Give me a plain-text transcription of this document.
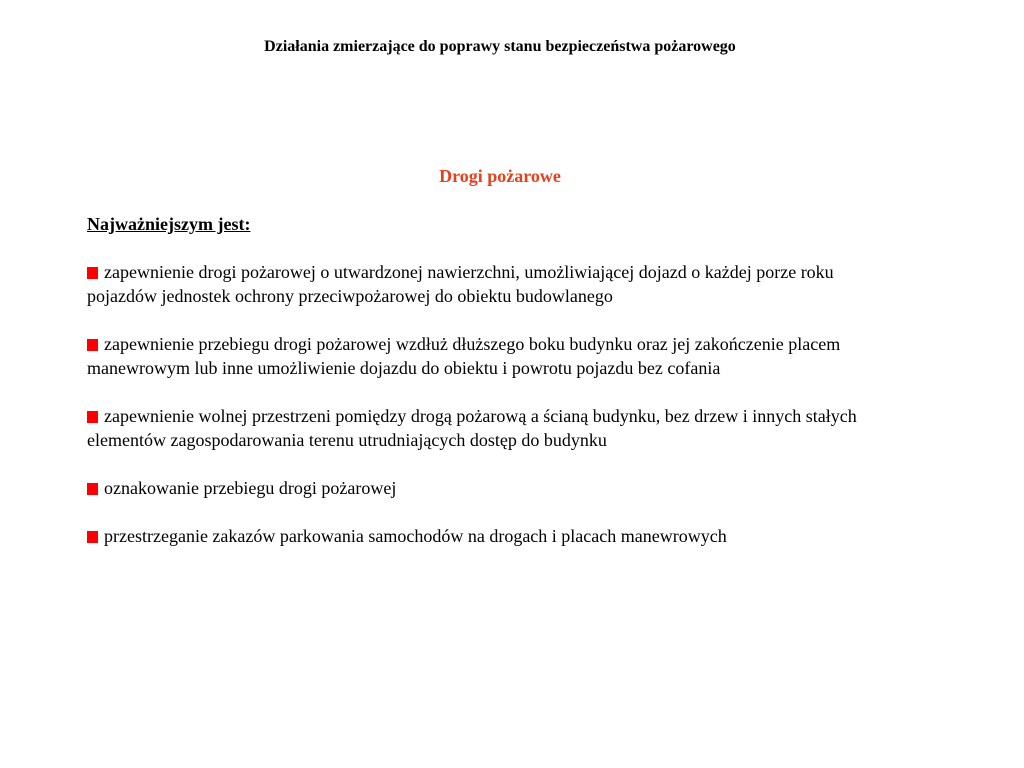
Działania zmierzające do poprawy stanu bezpieczeństwa pożarowego
Drogi pożarowe

Najważniejszym jest:

zapewnienie drogi pożarowej o utwardzonej nawierzchni, umożliwiającej dojazd o każdej porze roku pojazdów jednostek ochrony przeciwpożarowej do obiektu budowlanego
zapewnienie przebiegu drogi pożarowej wzdłuż dłuższego boku budynku oraz jej zakończenie placem manewrowym lub inne umożliwienie dojazdu do obiektu i powrotu pojazdu bez cofania
zapewnienie wolnej przestrzeni pomiędzy drogą pożarową a ścianą budynku, bez drzew i innych stałych elementów zagospodarowania terenu utrudniających dostęp do budynku
oznakowanie przebiegu drogi pożarowej
przestrzeganie zakazów parkowania samochodów na drogach i placach manewrowych
